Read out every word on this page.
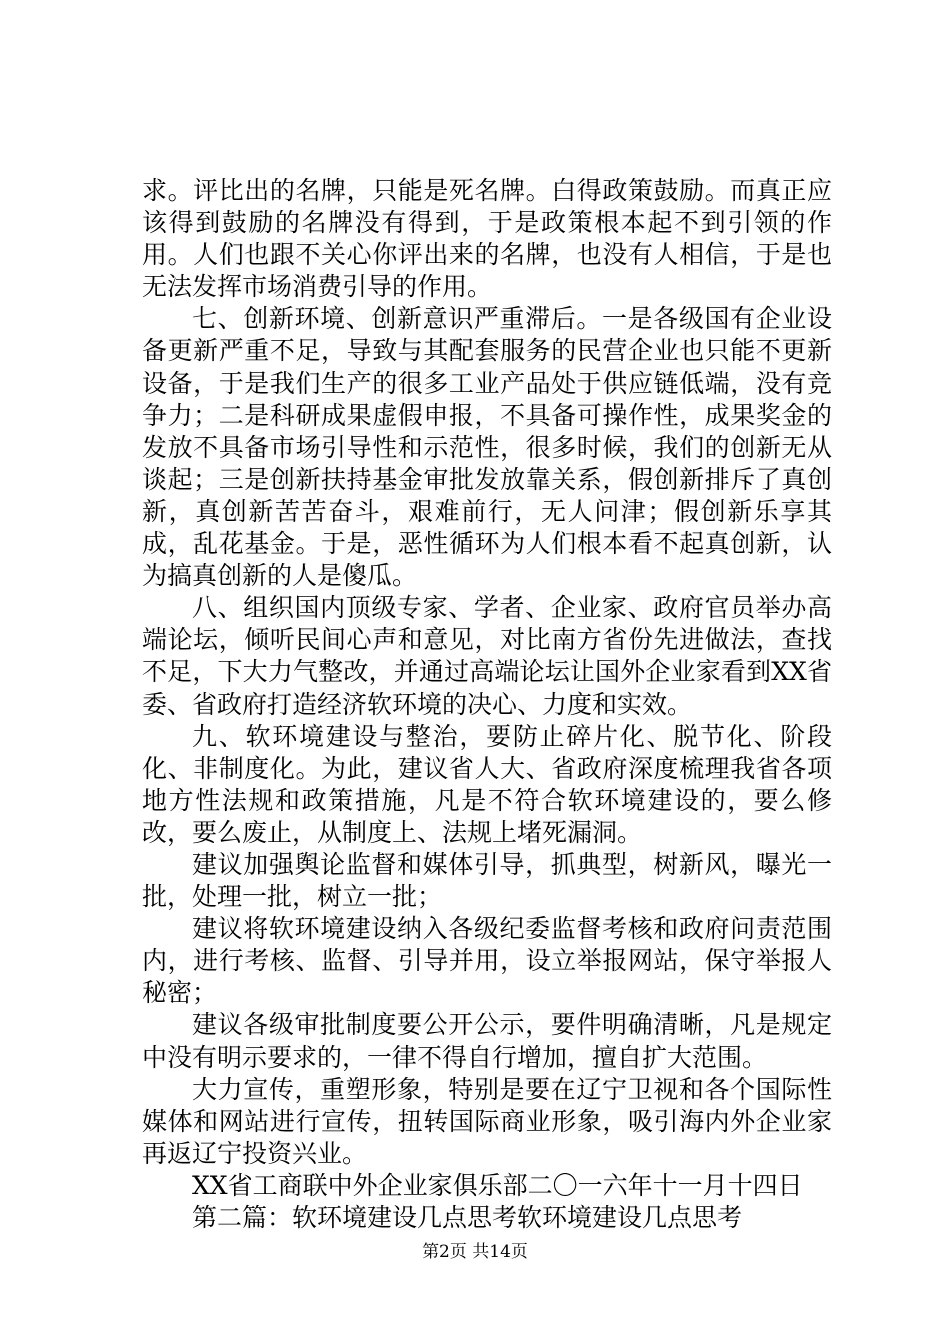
求。评比出的名牌，只能是死名牌。白得政策鼓励。而真正应该得到鼓励的名牌没有得到，于是政策根本起不到引领的作用。人们也跟不关心你评出来的名牌，也没有人相信，于是也无法发挥市场消费引导的作用。

七、创新环境、创新意识严重滞后。一是各级国有企业设备更新严重不足，导致与其配套服务的民营企业也只能不更新设备，于是我们生产的很多工业产品处于供应链低端，没有竞争力；二是科研成果虚假申报，不具备可操作性，成果奖金的发放不具备市场引导性和示范性，很多时候，我们的创新无从谈起；三是创新扶持基金审批发放靠关系，假创新排斥了真创新，真创新苦苦奋斗，艰难前行，无人问津；假创新乐享其成，乱花基金。于是，恶性循环为人们根本看不起真创新，认为搞真创新的人是傻瓜。

八、组织国内顶级专家、学者、企业家、政府官员举办高端论坛，倾听民间心声和意见，对比南方省份先进做法，查找不足，下大力气整改，并通过高端论坛让国外企业家看到XX省委、省政府打造经济软环境的决心、力度和实效。

九、软环境建设与整治，要防止碎片化、脱节化、阶段化、非制度化。为此，建议省人大、省政府深度梳理我省各项地方性法规和政策措施，凡是不符合软环境建设的，要么修改，要么废止，从制度上、法规上堵死漏洞。

建议加强舆论监督和媒体引导，抓典型，树新风，曝光一批，处理一批，树立一批；

建议将软环境建设纳入各级纪委监督考核和政府问责范围内，进行考核、监督、引导并用，设立举报网站，保守举报人秘密；

建议各级审批制度要公开公示，要件明确清晰，凡是规定中没有明示要求的，一律不得自行增加，擅自扩大范围。

大力宣传，重塑形象，特别是要在辽宁卫视和各个国际性媒体和网站进行宣传，扭转国际商业形象，吸引海内外企业家再返辽宁投资兴业。

XX省工商联中外企业家俱乐部二〇一六年十一月十四日

第二篇：软环境建设几点思考软环境建设几点思考

第2页 共14页
